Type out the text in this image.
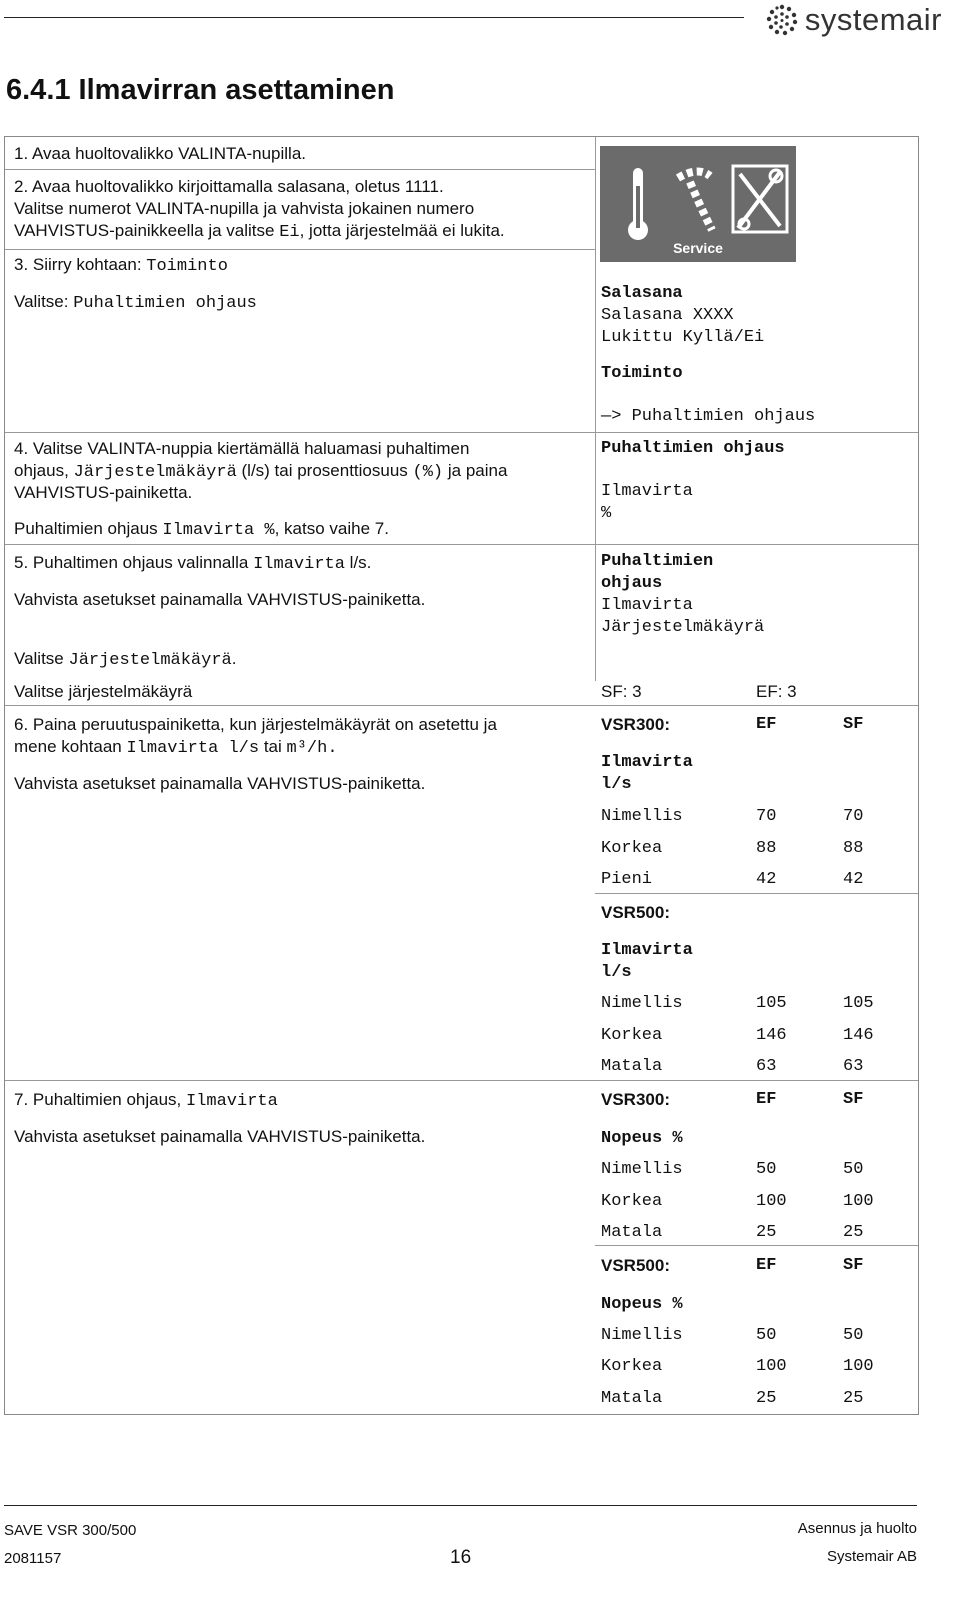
systemair
6.4.1 Ilmavirran asettaminen
1. Avaa huoltovalikko VALINTA-nupilla.
2. Avaa huoltovalikko kirjoittamalla salasana, oletus 1111.
Valitse numerot VALINTA-nupilla ja vahvista jokainen numero
VAHVISTUS-painikkeella ja valitse Ei, jotta järjestelmää ei lukita.
3. Siirry kohtaan: Toiminto
Valitse: Puhaltimien ohjaus
4. Valitse VALINTA-nuppia kiertämällä haluamasi puhaltimen
ohjaus, Järjestelmäkäyrä (l/s) tai prosenttiosuus (%) ja paina
VAHVISTUS-painiketta.
Puhaltimien ohjaus Ilmavirta %, katso vaihe 7.
5. Puhaltimen ohjaus valinnalla Ilmavirta l/s.
Vahvista asetukset painamalla VAHVISTUS-painiketta.
Valitse Järjestelmäkäyrä.
Valitse järjestelmäkäyrä
6. Paina peruutuspainiketta, kun järjestelmäkäyrät on asetettu ja
mene kohtaan Ilmavirta l/s tai m³/h.
Vahvista asetukset painamalla VAHVISTUS-painiketta.
7. Puhaltimien ohjaus, Ilmavirta
Vahvista asetukset painamalla VAHVISTUS-painiketta.
Service
Salasana
Salasana XXXX
Lukittu Kyllä/Ei
Toiminto
—> Puhaltimien ohjaus
Puhaltimien ohjaus
Ilmavirta
%
Puhaltimien
ohjaus
Ilmavirta
Järjestelmäkäyrä
SF: 3	EF: 3
VSR300:	EF	SF
Ilmavirta
l/s
Nimellis	70	70
Korkea	88	88
Pieni	42	42
VSR500:
Ilmavirta
l/s
Nimellis	105	105
Korkea	146	146
Matala	63	63
VSR300:	EF	SF
Nopeus %
Nimellis	50	50
Korkea	100	100
Matala	25	25
VSR500:	EF	SF
Nopeus %
Nimellis	50	50
Korkea	100	100
Matala	25	25
SAVE VSR 300/500
2081157	16
Asennus ja huolto
Systemair AB
